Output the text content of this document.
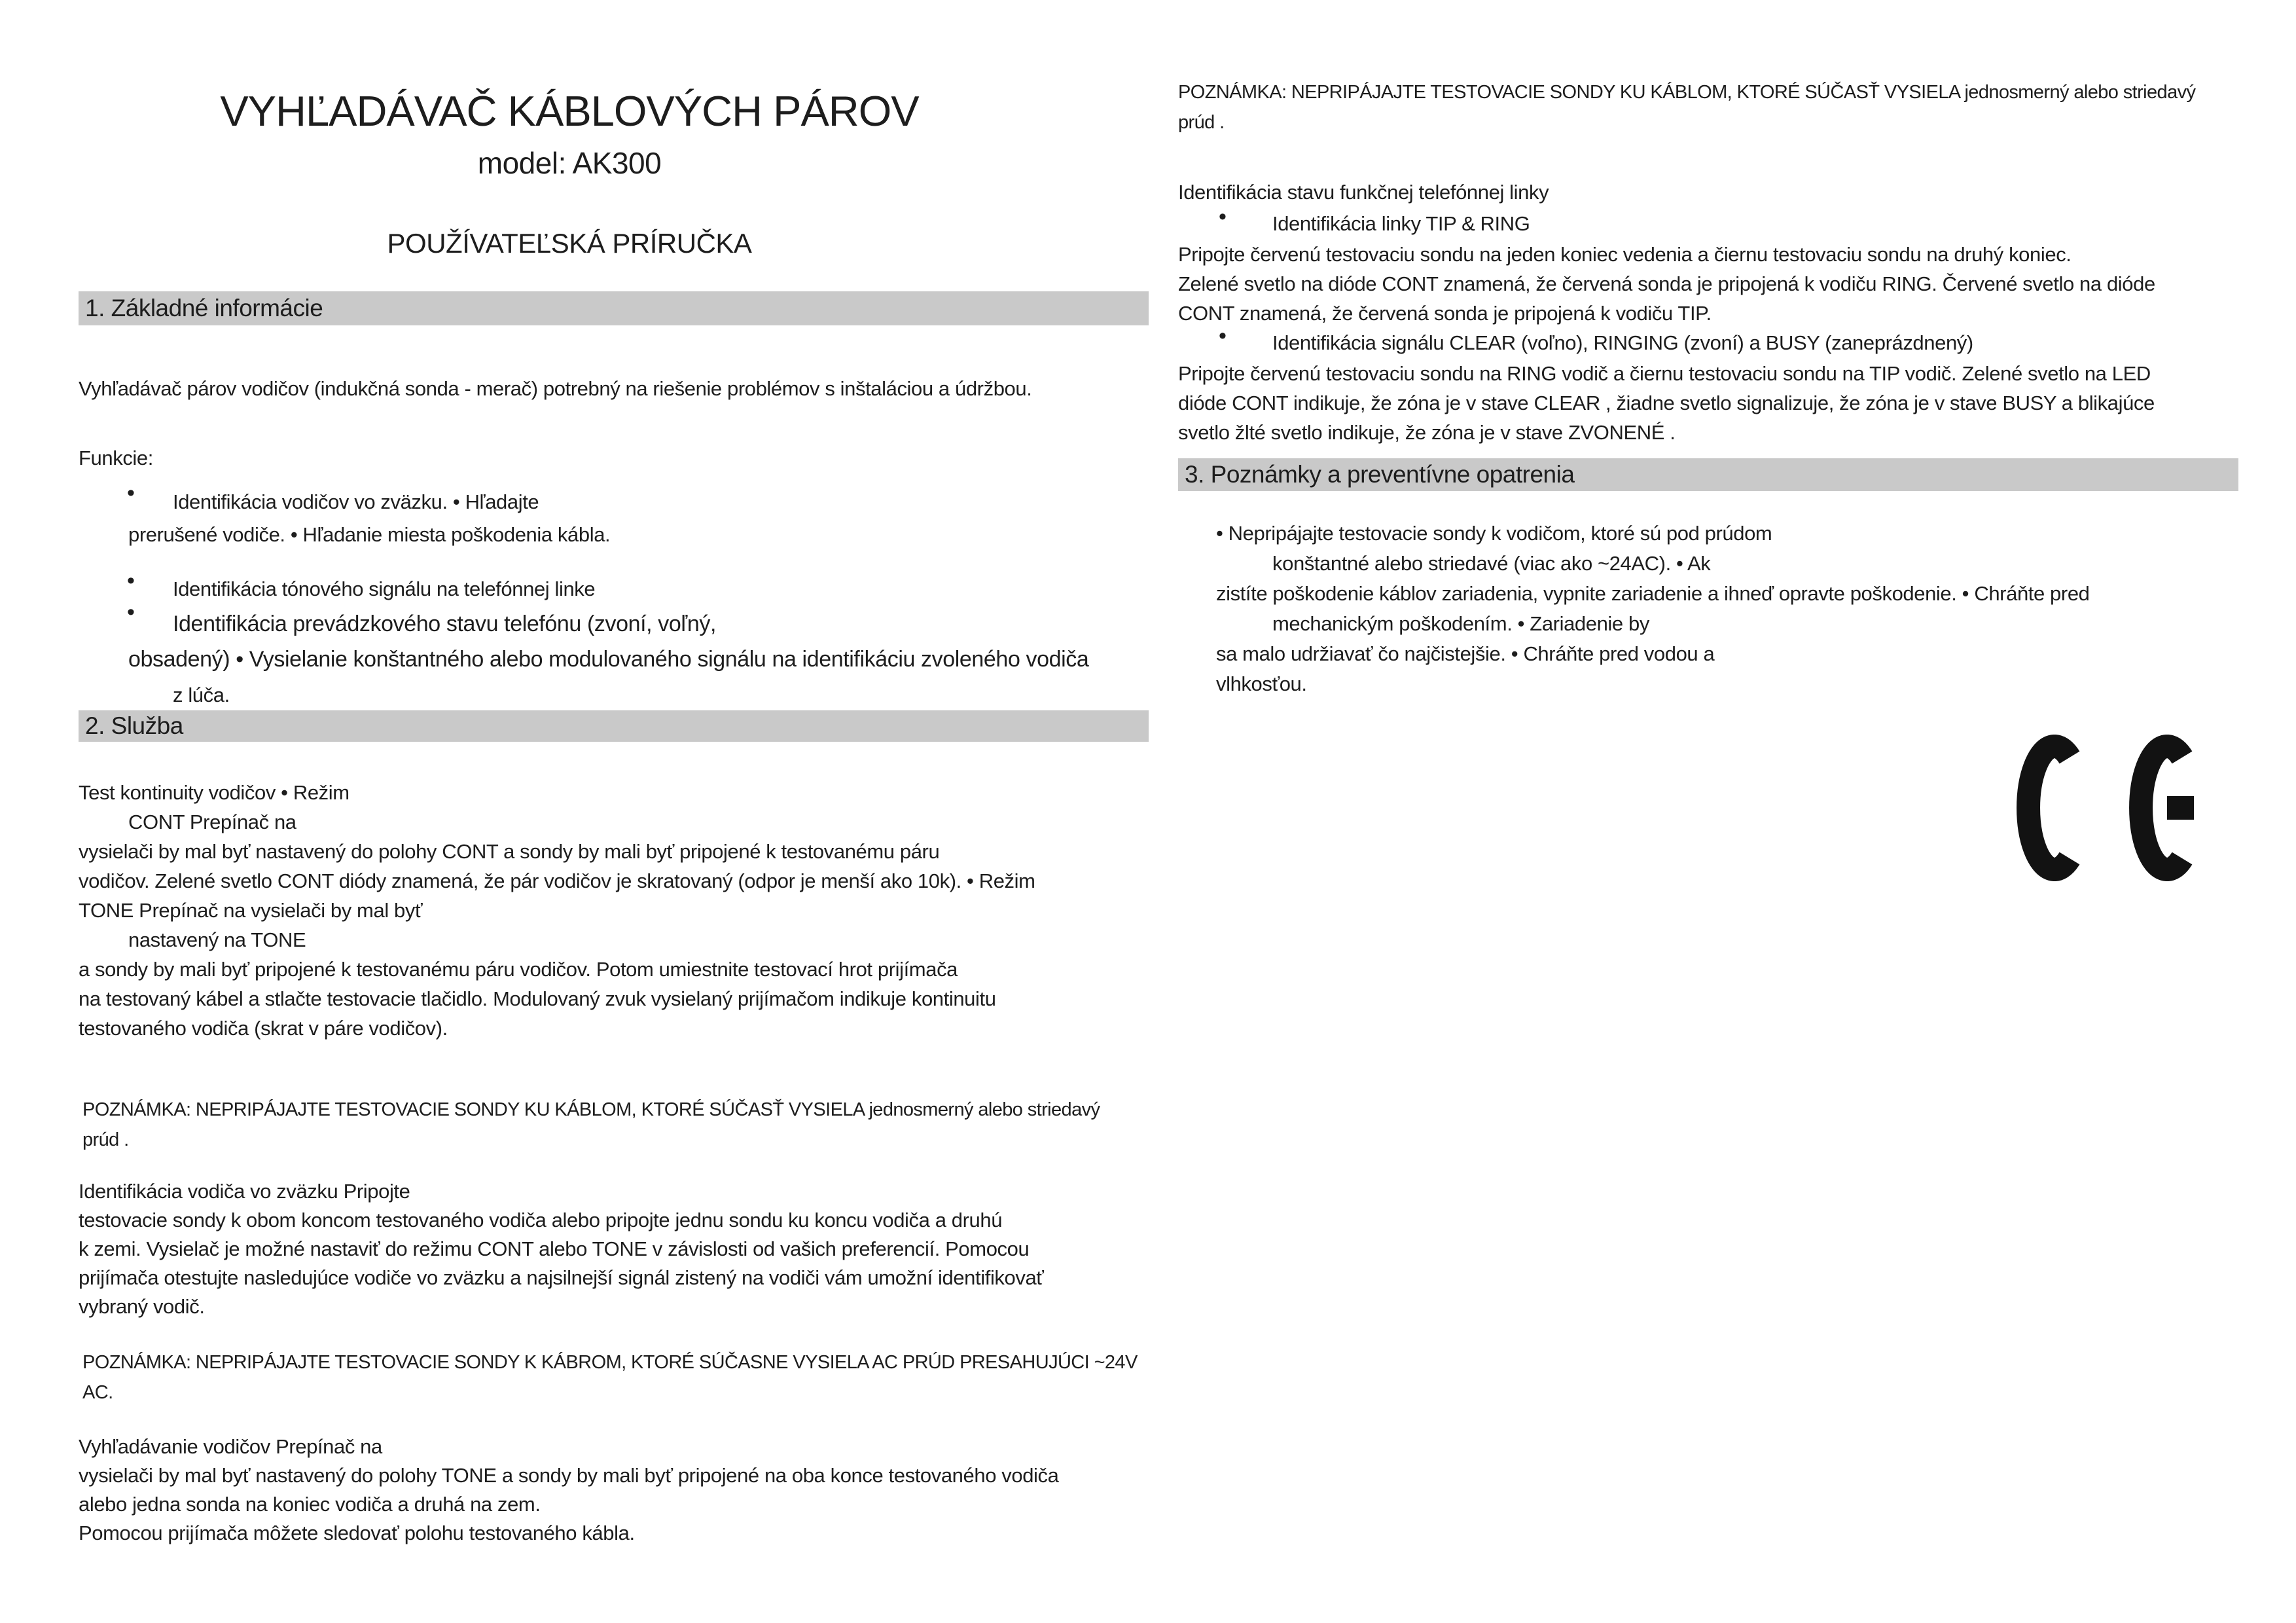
VYHĽADÁVAČ KÁBLOVÝCH PÁROV
model: AK300
POUŽÍVATEĽSKÁ PRÍRUČKA
1. Základné informácie
Vyhľadávač párov vodičov (indukčná sonda - merač) potrebný na riešenie problémov s inštaláciou a údržbou.
Funkcie:
• Identifikácia vodičov vo zväzku. • Hľadajte
prerušené vodiče. • Hľadanie miesta poškodenia kábla.
• Identifikácia tónového signálu na telefónnej linke
• Identifikácia prevádzkového stavu telefónu (zvoní, voľný,
obsadený) • Vysielanie konštantného alebo modulovaného signálu na identifikáciu zvoleného vodiča
z lúča.
2. Služba
Test kontinuity vodičov • Režim
CONT Prepínač na
vysielači by mal byť nastavený do polohy CONT a sondy by mali byť pripojené k testovanému páru
vodičov. Zelené svetlo CONT diódy znamená, že pár vodičov je skratovaný (odpor je menší ako 10k). • Režim
TONE Prepínač na vysielači by mal byť
nastavený na TONE
a sondy by mali byť pripojené k testovanému páru vodičov. Potom umiestnite testovací hrot prijímača
na testovaný kábel a stlačte testovacie tlačidlo. Modulovaný zvuk vysielaný prijímačom indikuje kontinuitu
testovaného vodiča (skrat v páre vodičov).
POZNÁMKA: NEPRIPÁJAJTE TESTOVACIE SONDY KU KÁBLOM, KTORÉ SÚČASŤ VYSIELA jednosmerný alebo striedavý
prúd .
Identifikácia vodiča vo zväzku Pripojte
testovacie sondy k obom koncom testovaného vodiča alebo pripojte jednu sondu ku koncu vodiča a druhú
k zemi. Vysielač je možné nastaviť do režimu CONT alebo TONE v závislosti od vašich preferencií. Pomocou
prijímača otestujte nasledujúce vodiče vo zväzku a najsilnejší signál zistený na vodiči vám umožní identifikovať
vybraný vodič.
POZNÁMKA: NEPRIPÁJAJTE TESTOVACIE SONDY K KÁBROM, KTORÉ SÚČASNE VYSIELA AC PRÚD PRESAHUJÚCI ~24V
AC.
Vyhľadávanie vodičov Prepínač na
vysielači by mal byť nastavený do polohy TONE a sondy by mali byť pripojené na oba konce testovaného vodiča
alebo jedna sonda na koniec vodiča a druhá na zem.
Pomocou prijímača môžete sledovať polohu testovaného kábla.
POZNÁMKA: NEPRIPÁJAJTE TESTOVACIE SONDY KU KÁBLOM, KTORÉ SÚČASŤ VYSIELA jednosmerný alebo striedavý
prúd .
Identifikácia stavu funkčnej telefónnej linky
• Identifikácia linky TIP & RING
Pripojte červenú testovaciu sondu na jeden koniec vedenia a čiernu testovaciu sondu na druhý koniec.
Zelené svetlo na dióde CONT znamená, že červená sonda je pripojená k vodiču RING. Červené svetlo na dióde
CONT znamená, že červená sonda je pripojená k vodiču TIP.
• Identifikácia signálu CLEAR (voľno), RINGING (zvoní) a BUSY (zaneprázdnený)
Pripojte červenú testovaciu sondu na RING vodič a čiernu testovaciu sondu na TIP vodič. Zelené svetlo na LED
dióde CONT indikuje, že zóna je v stave CLEAR , žiadne svetlo signalizuje, že zóna je v stave BUSY a blikajúce
svetlo žlté svetlo indikuje, že zóna je v stave ZVONENÉ .
3. Poznámky a preventívne opatrenia
• Nepripájajte testovacie sondy k vodičom, ktoré sú pod prúdom
konštantné alebo striedavé (viac ako ~24AC). • Ak
zistíte poškodenie káblov zariadenia, vypnite zariadenie a ihneď opravte poškodenie. • Chráňte pred
mechanickým poškodením. • Zariadenie by
sa malo udržiavať čo najčistejšie. • Chráňte pred vodou a
vlhkosťou.
